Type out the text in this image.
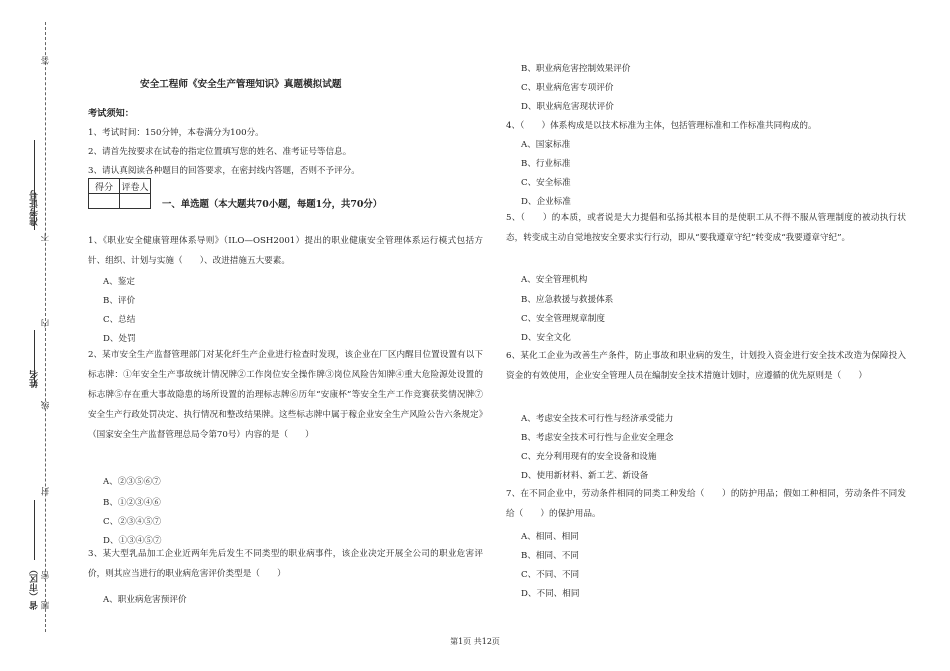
答
不
内
线
封
密
题
准考证号
姓名
省（市区）
安全工程师《安全生产管理知识》真题模拟试题
考试须知：
1、考试时间：150分钟，本卷满分为100分。
2、请首先按要求在试卷的指定位置填写您的姓名、准考证号等信息。
3、请认真阅读各种题目的回答要求，在密封线内答题，否则不予评分。
得分	评卷人

一、单选题（本大题共70小题，每题1分，共70分）
1、《职业安全健康管理体系导则》（ILO—OSH2001）提出的职业健康安全管理体系运行模式包括方针、组织、计划与实施（　　）、改进措施五大要素。
A、鉴定
B、评价
C、总结
D、处罚
2、某市安全生产监督管理部门对某化纤生产企业进行检查时发现，该企业在厂区内醒目位置设置有以下标志牌：①年安全生产事故统计情况牌②工作岗位安全操作牌③岗位风险告知牌④重大危险源处设置的标志牌⑤存在重大事故隐患的场所设置的治理标志牌⑥历年“安康杯”等安全生产工作竞赛获奖情况牌⑦安全生产行政处罚决定、执行情况和整改结果牌。这些标志牌中属于稼企业安全生产风险公告六条规定》（国家安全生产监督管理总局令第70号）内容的是（　　）
A、②③⑤⑥⑦
B、①②③④⑥
C、②③④⑤⑦
D、①③④⑤⑦
3、某大型乳品加工企业近两年先后发生不同类型的职业病事件，该企业决定开展全公司的职业危害评价，则其应当进行的职业病危害评价类型是（　　）
A、职业病危害预评价
B、职业病危害控制效果评价
C、职业病危害专项评价
D、职业病危害现状评价
4、（　　）体系构成是以技术标准为主体，包括管理标准和工作标准共同构成的。
A、国家标准
B、行业标准
C、安全标准
D、企业标准
5、（　　）的本质，或者说是大力提倡和弘扬其根本目的是使职工从不得不服从管理制度的被动执行状态，转变成主动自觉地按安全要求实行行动，即从“要我遵章守纪”转变成“我要遵章守纪”。
A、安全管理机构
B、应急救援与救援体系
C、安全管理规章制度
D、安全文化
6、某化工企业为改善生产条件，防止事故和职业病的发生，计划投入资金进行安全技术改造为保障投入资金的有效使用，企业安全管理人员在编制安全技术措施计划时，应遵循的优先原则是（　　）
A、考虑安全技术可行性与经济承受能力
B、考虑安全技术可行性与企业安全理念
C、充分利用现有的安全设备和设施
D、使用新材料、新工艺、新设备
7、在不同企业中，劳动条件相同的同类工种发给（　　）的防护用品；假如工种相同，劳动条件不同发给（　　）的保护用品。
A、相同、相同
B、相同、不同
C、不同、不同
D、不同、相同
第1页 共12页
